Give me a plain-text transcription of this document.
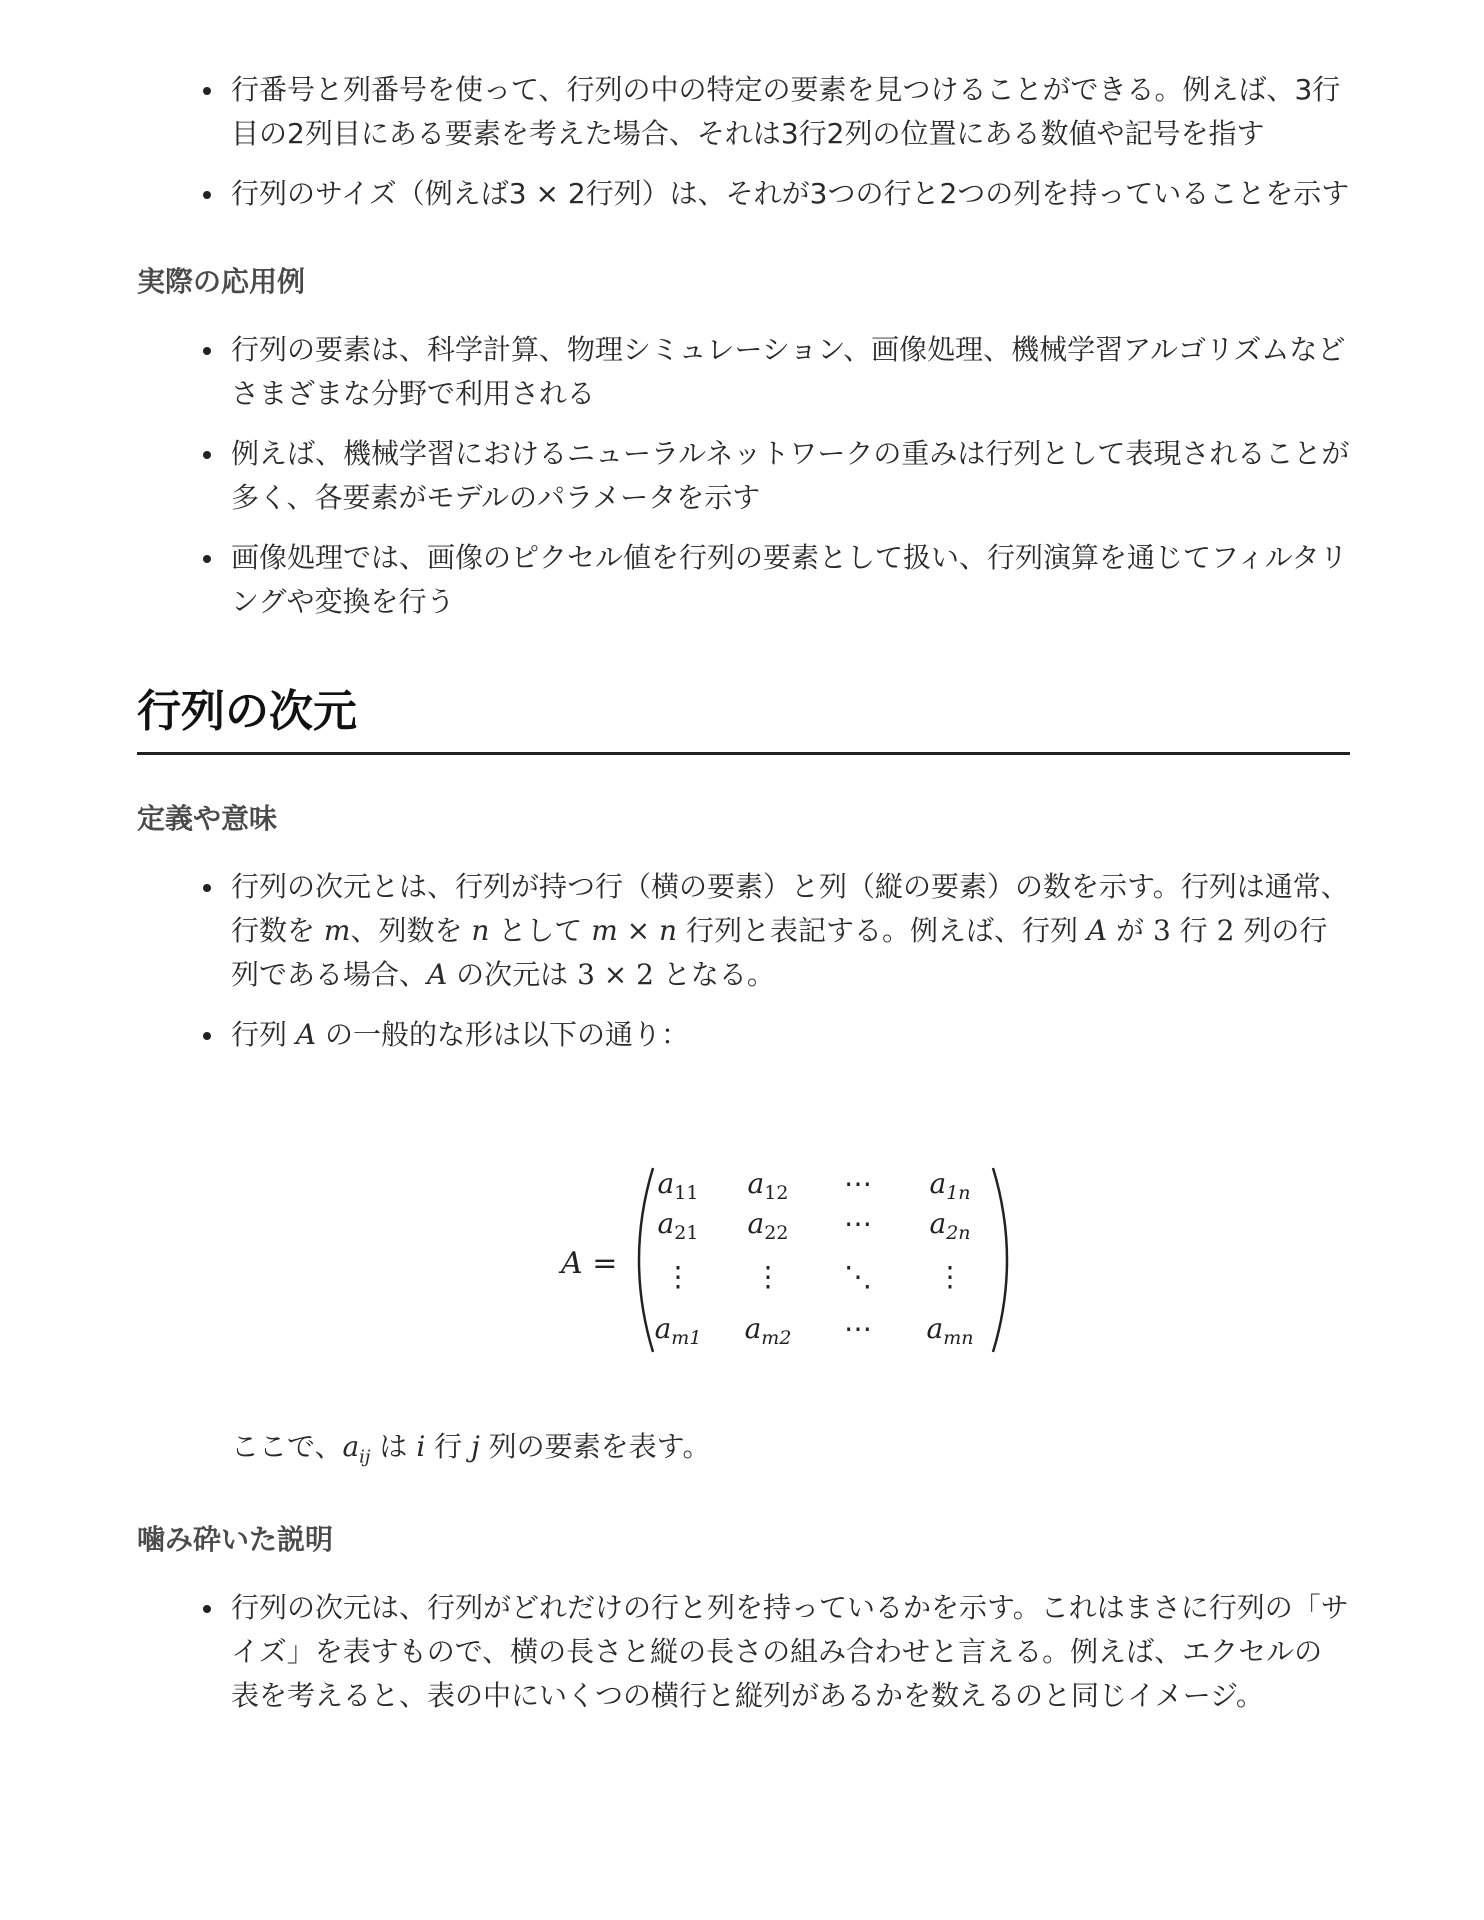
行番号と列番号を使って、行列の中の特定の要素を見つけることができる。例えば、3行目の2列目にある要素を考えた場合、それは3行2列の位置にある数値や記号を指す
行列のサイズ（例えば3 × 2行列）は、それが3つの行と2つの列を持っていることを示す
実際の応用例
行列の要素は、科学計算、物理シミュレーション、画像処理、機械学習アルゴリズムなどさまざまな分野で利用される
例えば、機械学習におけるニューラルネットワークの重みは行列として表現されることが多く、各要素がモデルのパラメータを示す
画像処理では、画像のピクセル値を行列の要素として扱い、行列演算を通じてフィルタリングや変換を行う
行列の次元
定義や意味
行列の次元とは、行列が持つ行（横の要素）と列（縦の要素）の数を示す。行列は通常、行数を m、列数を n として m × n 行列と表記する。例えば、行列 A が 3 行 2 列の行列である場合、A の次元は 3 × 2 となる。
行列 A の一般的な形は以下の通り：
A =
$a_{11}$ $a_{12}$ ⋯ $a_{1n}$
$a_{21}$ $a_{22}$ ⋯ $a_{2n}$
⋮ ⋮ ⋱ ⋮
$a_{m1}$ $a_{m2}$ ⋯ $a_{mn}$
ここで、$a_{ij}$ は i 行 j 列の要素を表す。
噛み砕いた説明
行列の次元は、行列がどれだけの行と列を持っているかを示す。これはまさに行列の「サイズ」を表すもので、横の長さと縦の長さの組み合わせと言える。例えば、エクセルの表を考えると、表の中にいくつの横行と縦列があるかを数えるのと同じイメージ。
